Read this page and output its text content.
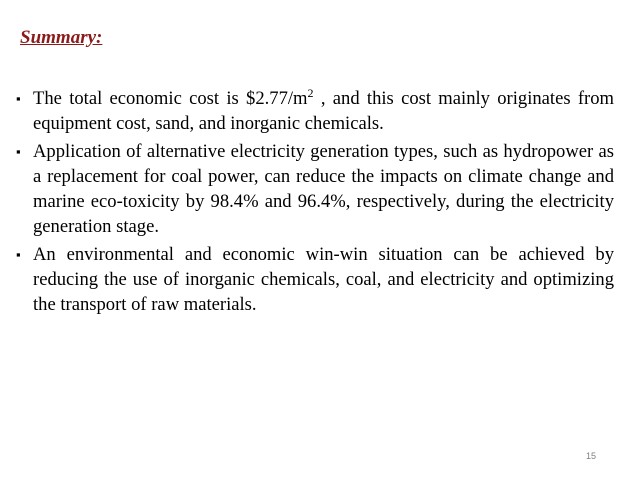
Summary:
▪ The total economic cost is $\$2.77/m^2$ , and this cost mainly originates from equipment cost, sand, and inorganic chemicals.
▪ Application of alternative electricity generation types, such as hydropower as a replacement for coal power, can reduce the impacts on climate change and marine eco-toxicity by 98.4% and 96.4%, respectively, during the electricity generation stage.
▪ An environmental and economic win-win situation can be achieved by reducing the use of inorganic chemicals, coal, and electricity and optimizing the transport of raw materials.
15
